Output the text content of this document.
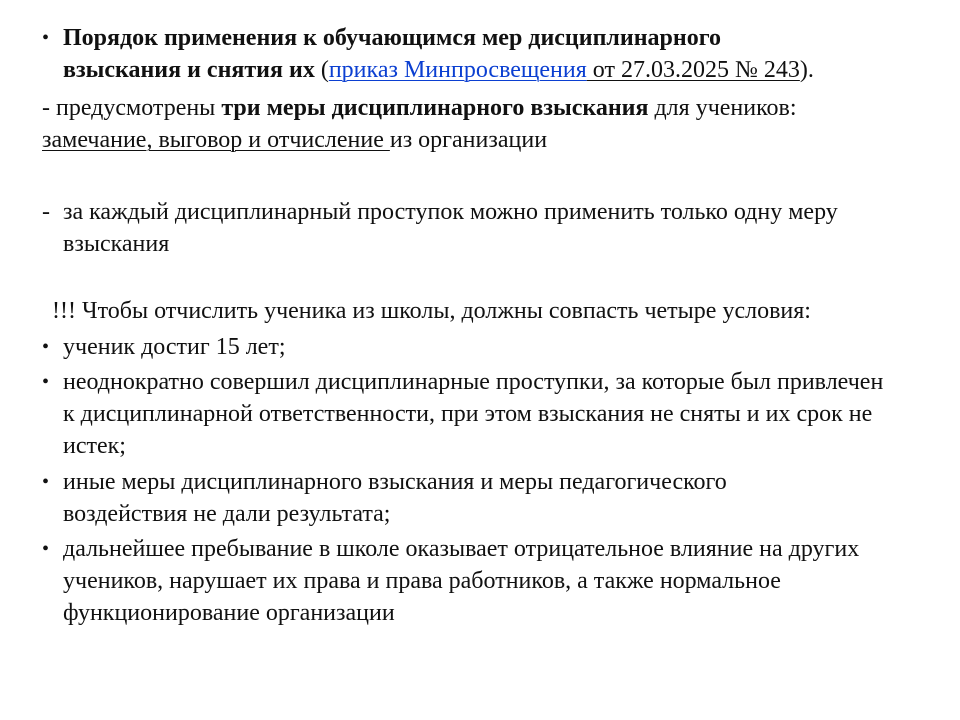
• Порядок применения к обучающимся мер дисциплинарного взыскания и снятия их (приказ Минпросвещения от 27.03.2025 № 243).
- предусмотрены три меры дисциплинарного взыскания для учеников:
замечание, выговор и отчисление из организации
- за каждый дисциплинарный проступок можно применить только одну меру взыскания
!!! Чтобы отчислить ученика из школы, должны совпасть четыре условия:
• ученик достиг 15 лет;
• неоднократно совершил дисциплинарные проступки, за которые был привлечен к дисциплинарной ответственности, при этом взыскания не сняты и их срок не истек;
• иные меры дисциплинарного взыскания и меры педагогического воздействия не дали результата;
• дальнейшее пребывание в школе оказывает отрицательное влияние на других учеников, нарушает их права и права работников, а также нормальное функционирование организации
